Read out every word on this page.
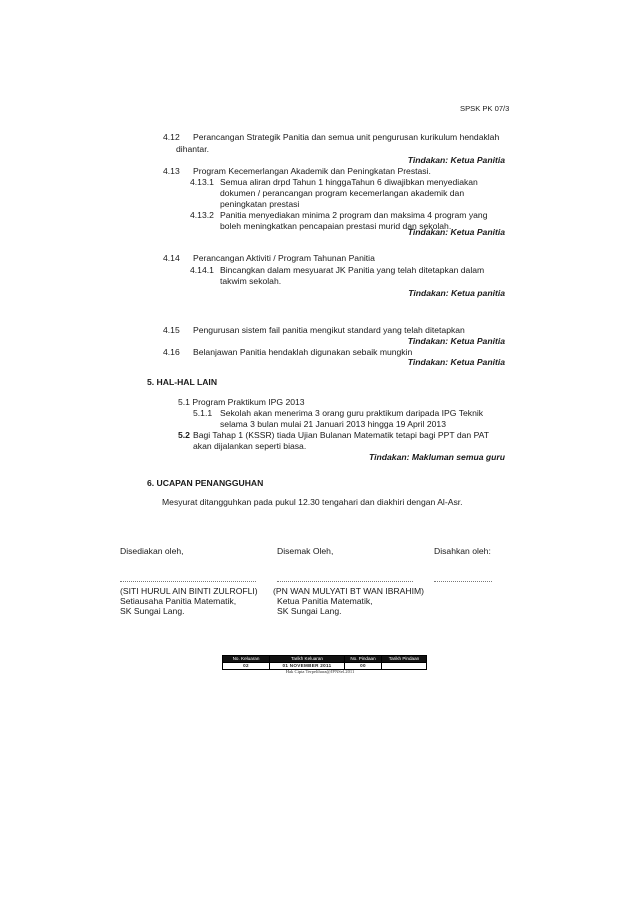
SPSK PK 07/3
4.12 Perancangan Strategik Panitia dan semua unit pengurusan kurikulum hendaklah
dihantar.
Tindakan: Ketua Panitia
4.13 Program Kecemerlangan Akademik dan Peningkatan Prestasi.
4.13.1 Semua aliran drpd Tahun 1 hinggaTahun 6 diwajibkan menyediakan
dokumen / perancangan program kecemerlangan akademik dan
peningkatan prestasi
4.13.2 Panitia menyediakan minima 2 program dan maksima 4 program yang
boleh meningkatkan pencapaian prestasi murid dan sekolah.
Tindakan: Ketua Panitia
4.14 Perancangan Aktiviti / Program Tahunan Panitia
4.14.1 Bincangkan dalam mesyuarat JK Panitia yang telah ditetapkan dalam
takwim sekolah.
Tindakan: Ketua panitia
4.15 Pengurusan sistem fail panitia mengikut standard yang telah ditetapkan
Tindakan: Ketua Panitia
4.16 Belanjawan Panitia hendaklah digunakan sebaik mungkin
Tindakan: Ketua Panitia
5. HAL-HAL LAIN
5.1 Program Praktikum IPG 2013
5.1.1 Sekolah akan menerima 3 orang guru praktikum daripada IPG Teknik
selama 3 bulan mulai 21 Januari 2013 hingga 19 April 2013
5.2 Bagi Tahap 1 (KSSR) tiada Ujian Bulanan Matematik tetapi bagi PPT dan PAT
akan dijalankan seperti biasa.
Tindakan: Makluman semua guru
6. UCAPAN PENANGGUHAN
Mesyurat ditangguhkan pada pukul 12.30 tengahari dan diakhiri dengan Al-Asr.
Disediakan oleh,	Disemak Oleh,	Disahkan oleh:
(SITI HURUL AIN BINTI ZULROFLI)
Setiausaha Panitia Matematik,
SK Sungai Lang.
(PN WAN MULYATI BT WAN IBRAHIM)
Ketua Panitia Matematik,
SK Sungai Lang.
No. Keluaran	Tarikh Keluaran	No. Pindaan	Tarikh Pindaan
02	01 NOVEMBER 2011	00	
Hak Cipta Terpelihara@JPNSel.2011
